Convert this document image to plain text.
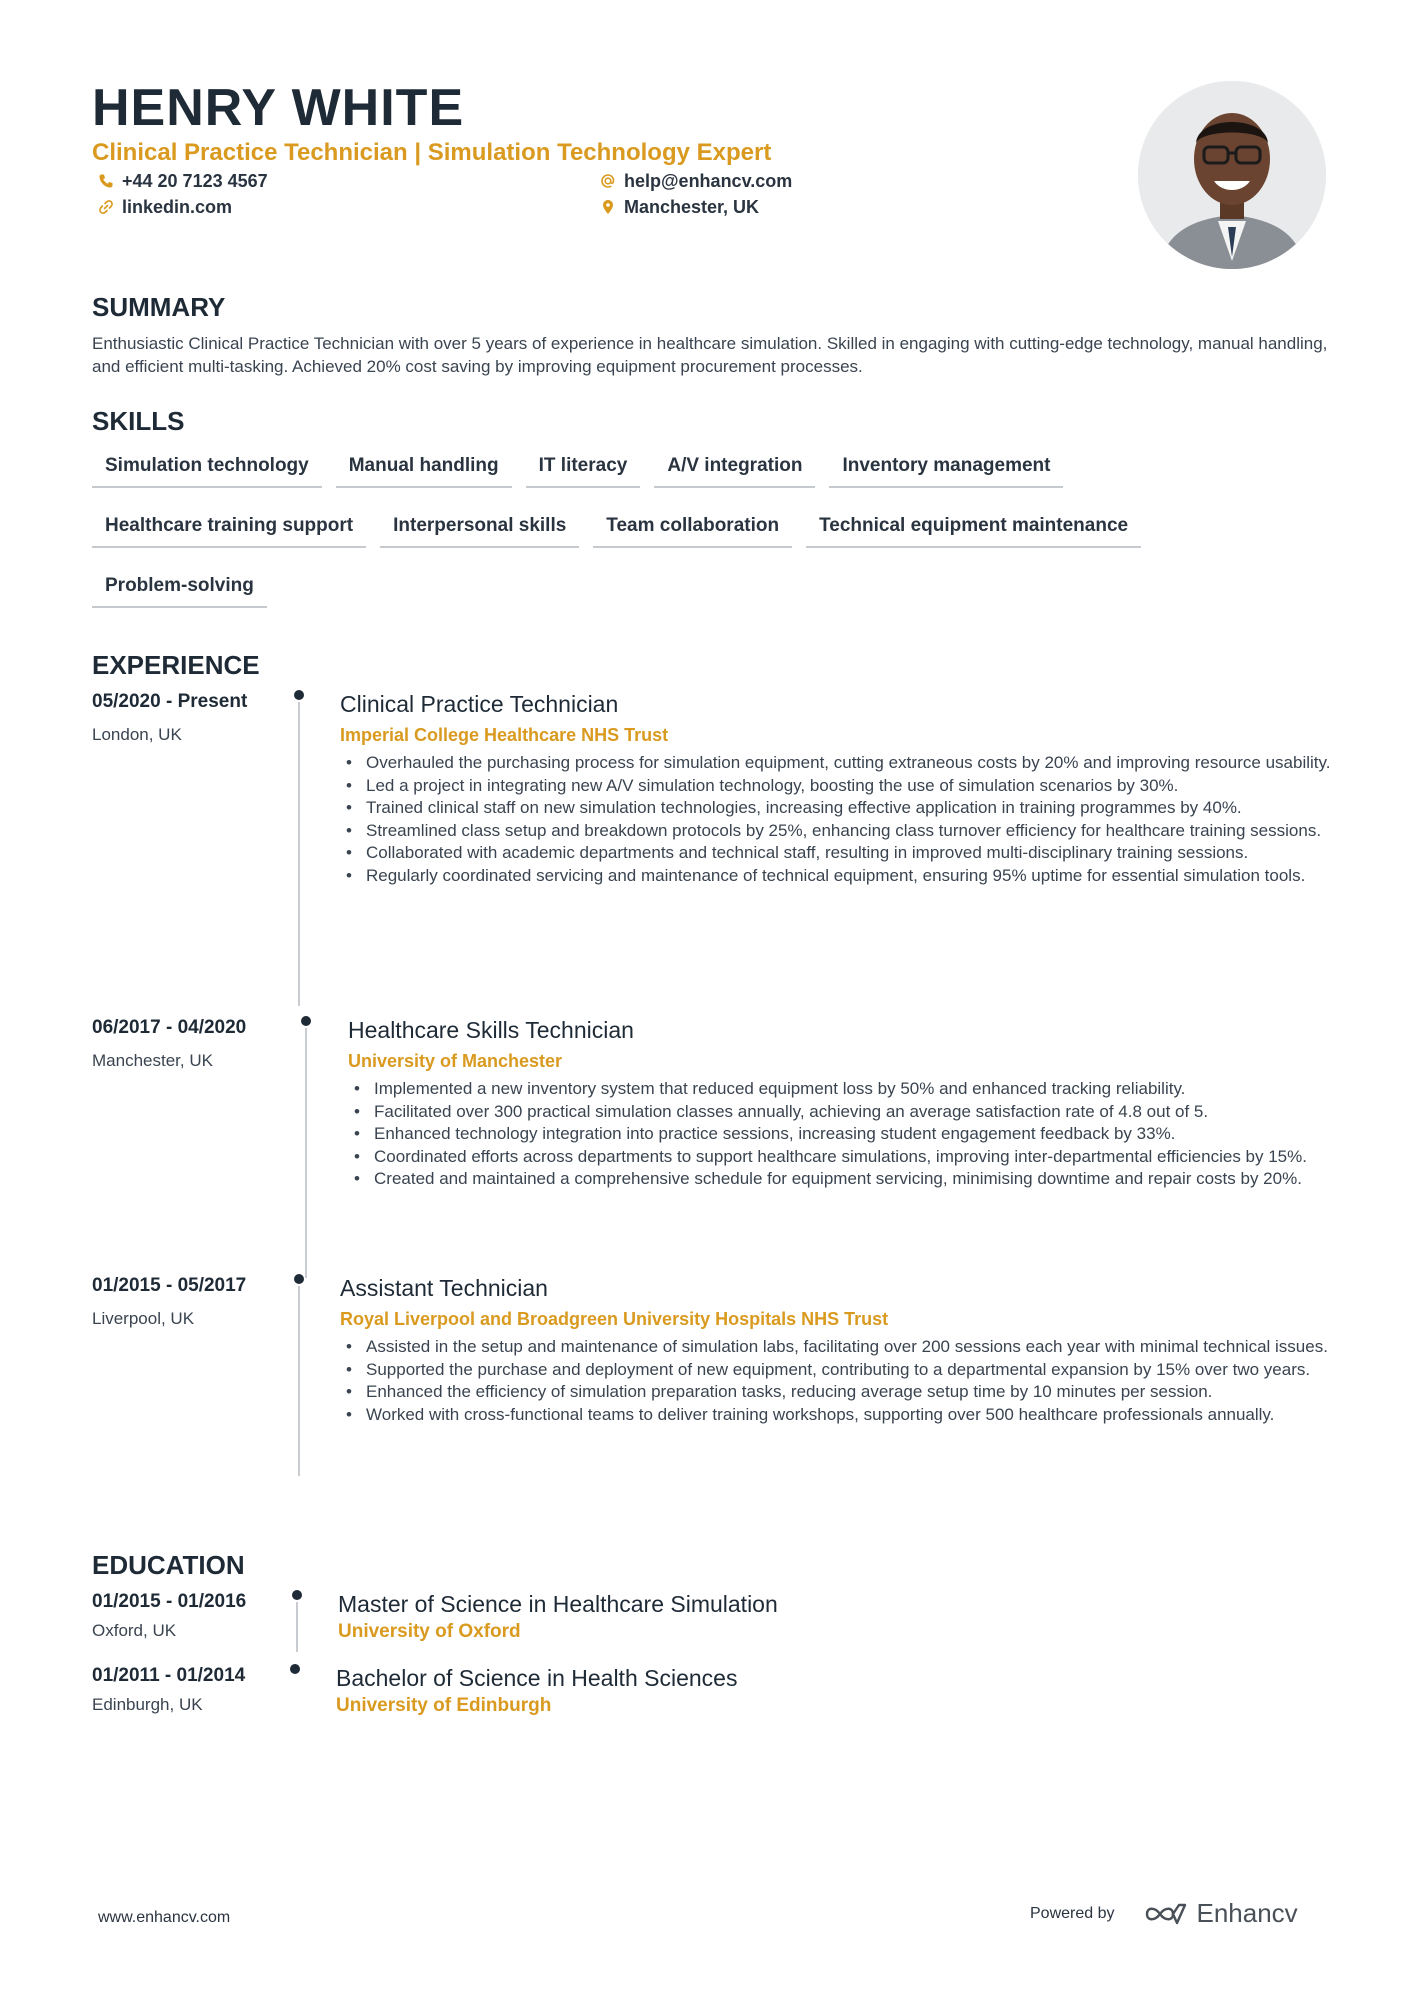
HENRY WHITE
Clinical Practice Technician | Simulation Technology Expert
+44 20 7123 4567	help@enhancv.com
linkedin.com	Manchester, UK
SUMMARY
Enthusiastic Clinical Practice Technician with over 5 years of experience in healthcare simulation. Skilled in engaging with cutting-edge technology, manual handling, and efficient multi-tasking. Achieved 20% cost saving by improving equipment procurement processes.
SKILLS
Simulation technology	Manual handling	IT literacy	A/V integration	Inventory management
Healthcare training support	Interpersonal skills	Team collaboration	Technical equipment maintenance
Problem-solving
EXPERIENCE
05/2020 - Present
London, UK
Clinical Practice Technician
Imperial College Healthcare NHS Trust
• Overhauled the purchasing process for simulation equipment, cutting extraneous costs by 20% and improving resource usability.
• Led a project in integrating new A/V simulation technology, boosting the use of simulation scenarios by 30%.
• Trained clinical staff on new simulation technologies, increasing effective application in training programmes by 40%.
• Streamlined class setup and breakdown protocols by 25%, enhancing class turnover efficiency for healthcare training sessions.
• Collaborated with academic departments and technical staff, resulting in improved multi-disciplinary training sessions.
• Regularly coordinated servicing and maintenance of technical equipment, ensuring 95% uptime for essential simulation tools.
06/2017 - 04/2020
Manchester, UK
Healthcare Skills Technician
University of Manchester
• Implemented a new inventory system that reduced equipment loss by 50% and enhanced tracking reliability.
• Facilitated over 300 practical simulation classes annually, achieving an average satisfaction rate of 4.8 out of 5.
• Enhanced technology integration into practice sessions, increasing student engagement feedback by 33%.
• Coordinated efforts across departments to support healthcare simulations, improving inter-departmental efficiencies by 15%.
• Created and maintained a comprehensive schedule for equipment servicing, minimising downtime and repair costs by 20%.
01/2015 - 05/2017
Liverpool, UK
Assistant Technician
Royal Liverpool and Broadgreen University Hospitals NHS Trust
• Assisted in the setup and maintenance of simulation labs, facilitating over 200 sessions each year with minimal technical issues.
• Supported the purchase and deployment of new equipment, contributing to a departmental expansion by 15% over two years.
• Enhanced the efficiency of simulation preparation tasks, reducing average setup time by 10 minutes per session.
• Worked with cross-functional teams to deliver training workshops, supporting over 500 healthcare professionals annually.
EDUCATION
01/2015 - 01/2016
Oxford, UK
Master of Science in Healthcare Simulation
University of Oxford
01/2011 - 01/2014
Edinburgh, UK
Bachelor of Science in Health Sciences
University of Edinburgh
www.enhancv.com	Powered by	Enhancv
